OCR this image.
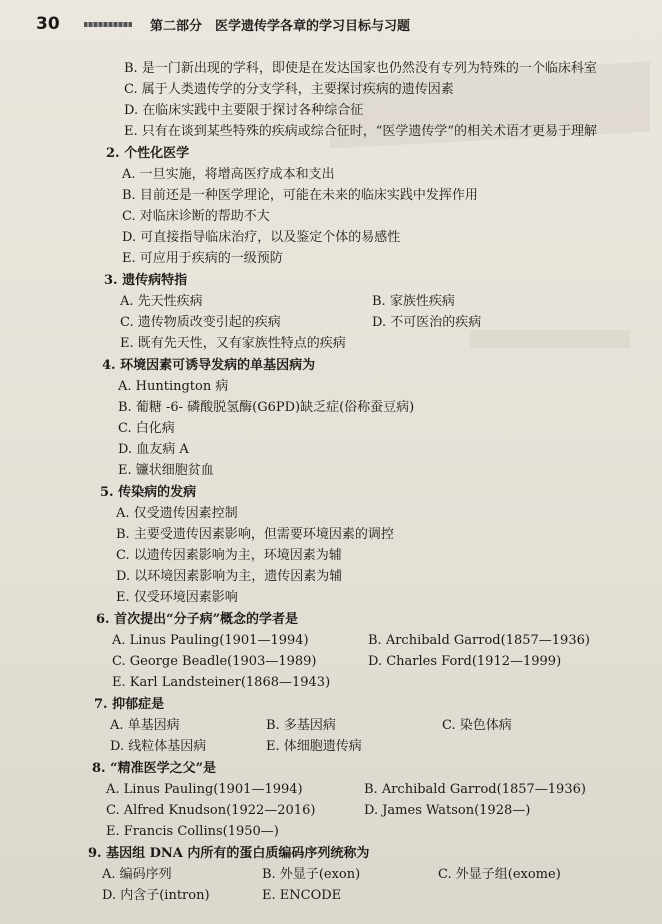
30	第二部分　医学遗传学各章的学习目标与习题
B. 是一门新出现的学科，即使是在发达国家也仍然没有专列为特殊的一个临床科室
C. 属于人类遗传学的分支学科，主要探讨疾病的遗传因素
D. 在临床实践中主要限于探讨各种综合征
E. 只有在谈到某些特殊的疾病或综合征时，“医学遗传学”的相关术语才更易于理解
2. 个性化医学
A. 一旦实施，将增高医疗成本和支出
B. 目前还是一种医学理论，可能在未来的临床实践中发挥作用
C. 对临床诊断的帮助不大
D. 可直接指导临床治疗，以及鉴定个体的易感性
E. 可应用于疾病的一级预防
3. 遗传病特指
A. 先天性疾病	B. 家族性疾病
C. 遗传物质改变引起的疾病	D. 不可医治的疾病
E. 既有先天性，又有家族性特点的疾病
4. 环境因素可诱导发病的单基因病为
A. Huntington 病
B. 葡糖 -6- 磷酸脱氢酶(G6PD)缺乏症(俗称蚕豆病)
C. 白化病
D. 血友病 A
E. 镰状细胞贫血
5. 传染病的发病
A. 仅受遗传因素控制
B. 主要受遗传因素影响，但需要环境因素的调控
C. 以遗传因素影响为主，环境因素为辅
D. 以环境因素影响为主，遗传因素为辅
E. 仅受环境因素影响
6. 首次提出“分子病”概念的学者是
A. Linus Pauling(1901—1994)	B. Archibald Garrod(1857—1936)
C. George Beadle(1903—1989)	D. Charles Ford(1912—1999)
E. Karl Landsteiner(1868—1943)
7. 抑郁症是
A. 单基因病	B. 多基因病	C. 染色体病
D. 线粒体基因病	E. 体细胞遗传病
8. “精准医学之父”是
A. Linus Pauling(1901—1994)	B. Archibald Garrod(1857—1936)
C. Alfred Knudson(1922—2016)	D. James Watson(1928—)
E. Francis Collins(1950—)
9. 基因组 DNA 内所有的蛋白质编码序列统称为
A. 编码序列	B. 外显子(exon)	C. 外显子组(exome)
D. 内含子(intron)	E. ENCODE
